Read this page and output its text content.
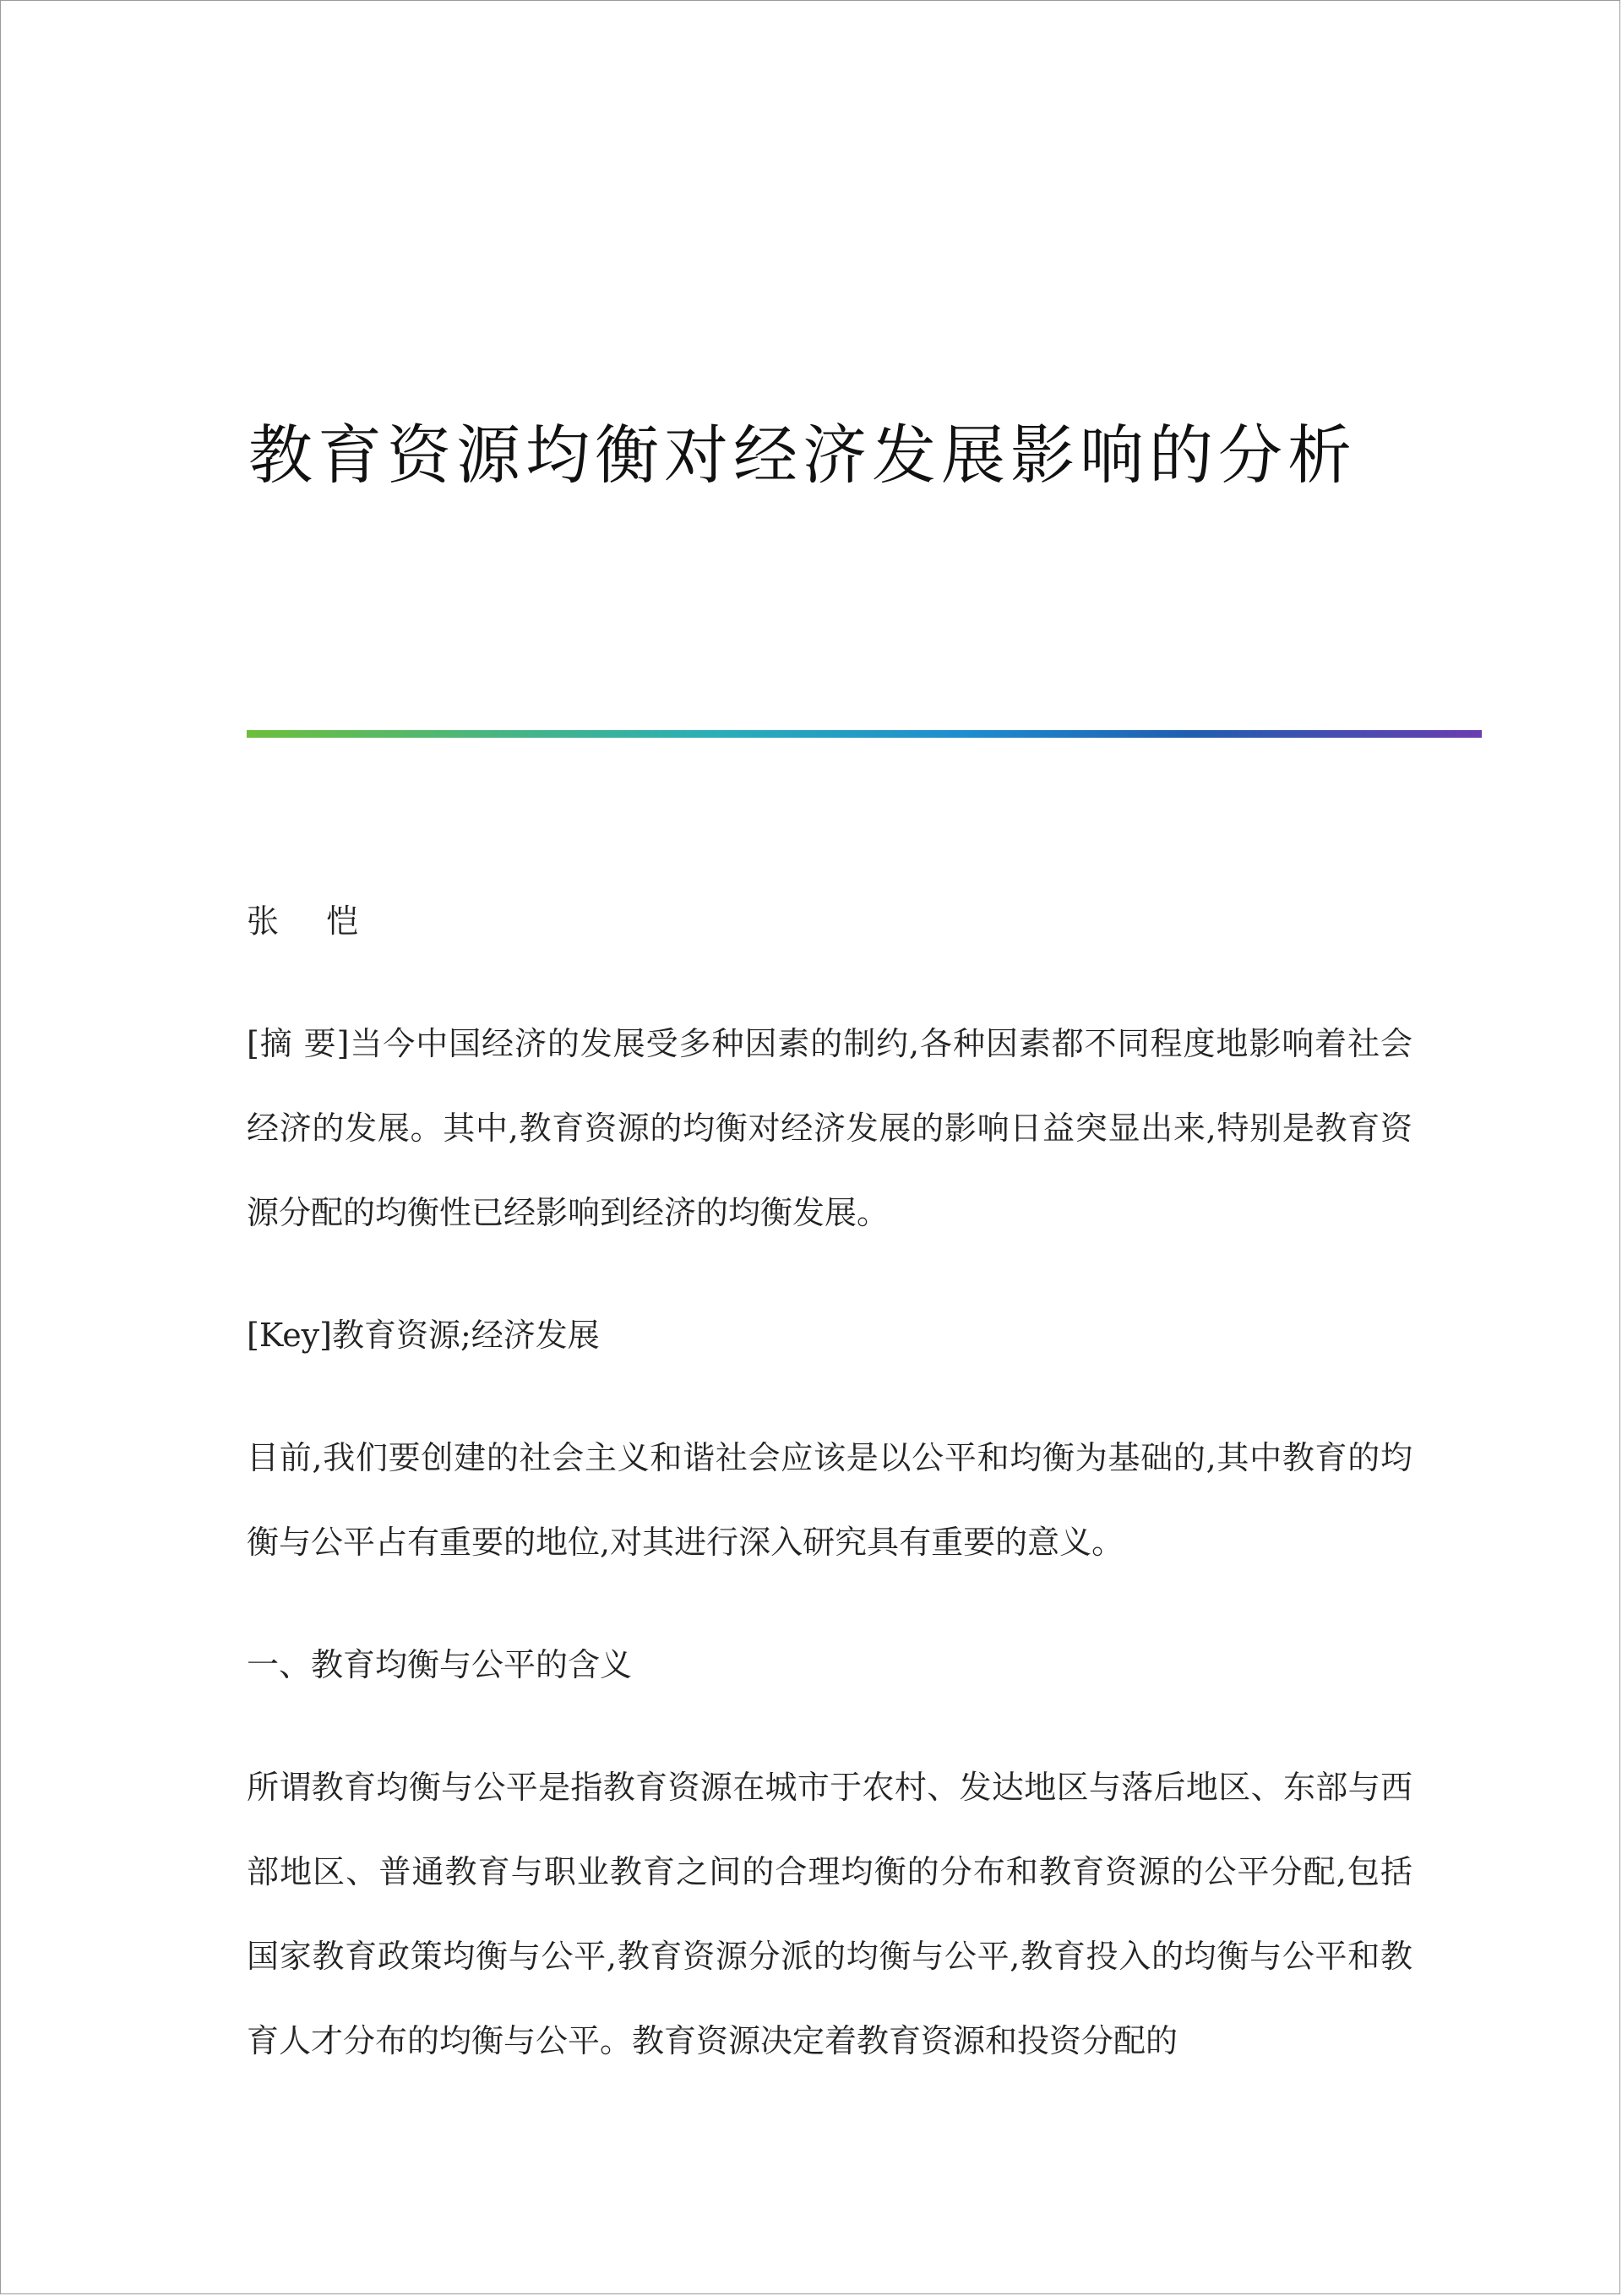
教育资源均衡对经济发展影响的分析

张 恺

[摘 要]当今中国经济的发展受多种因素的制约,各种因素都不同程度地影响着社会经济的发展。其中,教育资源的均衡对经济发展的影响日益突显出来,特别是教育资源分配的均衡性已经影响到经济的均衡发展。

[Key]教育资源;经济发展

目前,我们要创建的社会主义和谐社会应该是以公平和均衡为基础的,其中教育的均衡与公平占有重要的地位,对其进行深入研究具有重要的意义。

一、教育均衡与公平的含义

所谓教育均衡与公平是指教育资源在城市于农村、发达地区与落后地区、东部与西部地区、普通教育与职业教育之间的合理均衡的分布和教育资源的公平分配,包括国家教育政策均衡与公平,教育资源分派的均衡与公平,教育投入的均衡与公平和教育人才分布的均衡与公平。教育资源决定着教育资源和投资分配的
